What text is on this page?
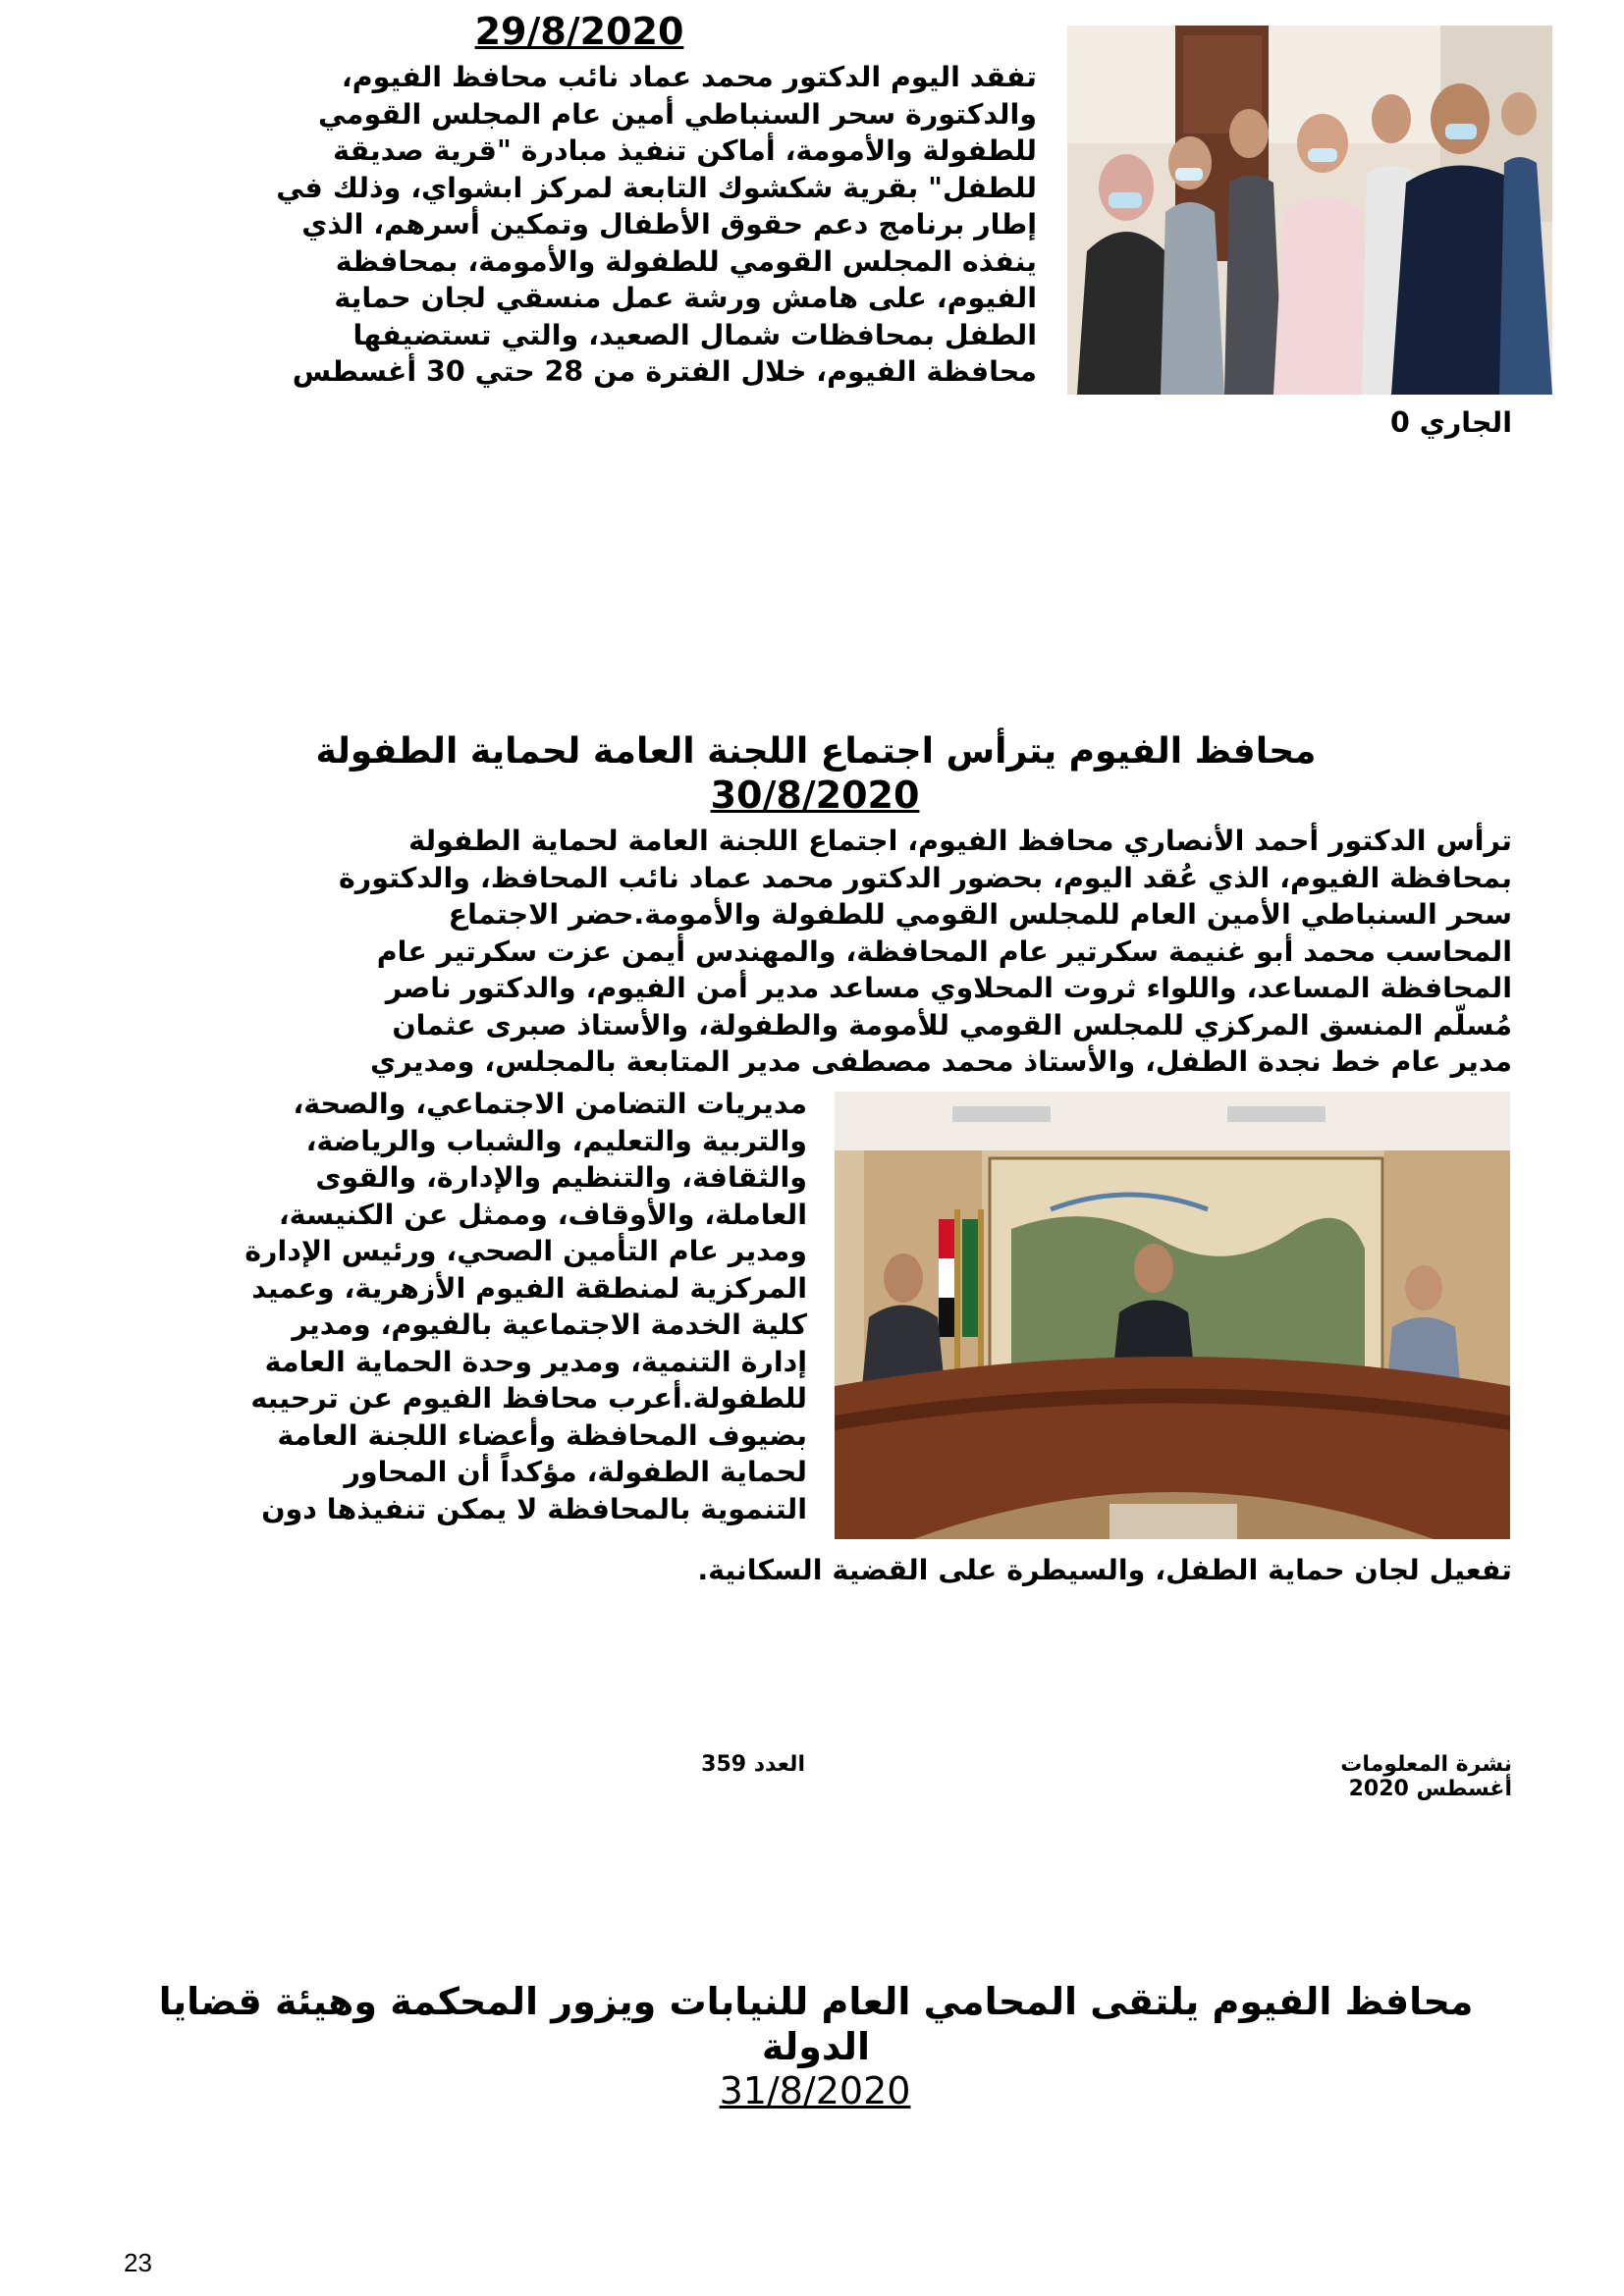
29/8/2020

تفقد اليوم الدكتور محمد عماد نائب محافظ الفيوم،

والدكتورة سحر السنباطي أمين عام المجلس القومي

للطفولة والأمومة، أماكن تنفيذ مبادرة "قرية صديقة

للطفل" بقرية شكشوك التابعة لمركز ابشواي، وذلك في

إطار برنامج دعم حقوق الأطفال وتمكين أسرهم، الذي

ينفذه المجلس القومي للطفولة والأمومة، بمحافظة

الفيوم، على هامش ورشة عمل منسقي لجان حماية

الطفل بمحافظات شمال الصعيد، والتي تستضيفها

محافظة الفيوم، خلال الفترة من 28 حتي 30 أغسطس

الجاري 0
محافظ الفيوم يترأس اجتماع اللجنة العامة لحماية الطفولة
30/8/2020

ترأس الدكتور أحمد الأنصاري محافظ الفيوم، اجتماع اللجنة العامة لحماية الطفولة

بمحافظة الفيوم، الذي عُقد اليوم، بحضور الدكتور محمد عماد نائب المحافظ، والدكتورة

سحر السنباطي الأمين العام للمجلس القومي للطفولة والأمومة.حضر الاجتماع

المحاسب محمد أبو غنيمة سكرتير عام المحافظة، والمهندس أيمن عزت سكرتير عام

المحافظة المساعد، واللواء ثروت المحلاوي مساعد مدير أمن الفيوم، والدكتور ناصر

مُسلّم المنسق المركزي للمجلس القومي للأمومة والطفولة، والأستاذ صبرى عثمان

مدير عام خط نجدة الطفل، والأستاذ محمد مصطفى مدير المتابعة بالمجلس، ومديري

مديريات التضامن الاجتماعي، والصحة،

والتربية والتعليم، والشباب والرياضة،

والثقافة، والتنظيم والإدارة، والقوى

العاملة، والأوقاف، وممثل عن الكنيسة،

ومدير عام التأمين الصحي، ورئيس الإدارة

المركزية لمنطقة الفيوم الأزهرية، وعميد

كلية الخدمة الاجتماعية بالفيوم، ومدير

إدارة التنمية، ومدير وحدة الحماية العامة

للطفولة.أعرب محافظ الفيوم عن ترحيبه

بضيوف المحافظة وأعضاء اللجنة العامة

لحماية الطفولة، مؤكداً أن المحاور

التنموية بالمحافظة لا يمكن تنفيذها دون

تفعيل لجان حماية الطفل، والسيطرة على القضية السكانية.
نشرة المعلومات
أغسطس 2020
العدد 359
محافظ الفيوم يلتقى المحامي العام للنيابات ويزور المحكمة وهيئة قضايا
الدولة
31/8/2020
23
